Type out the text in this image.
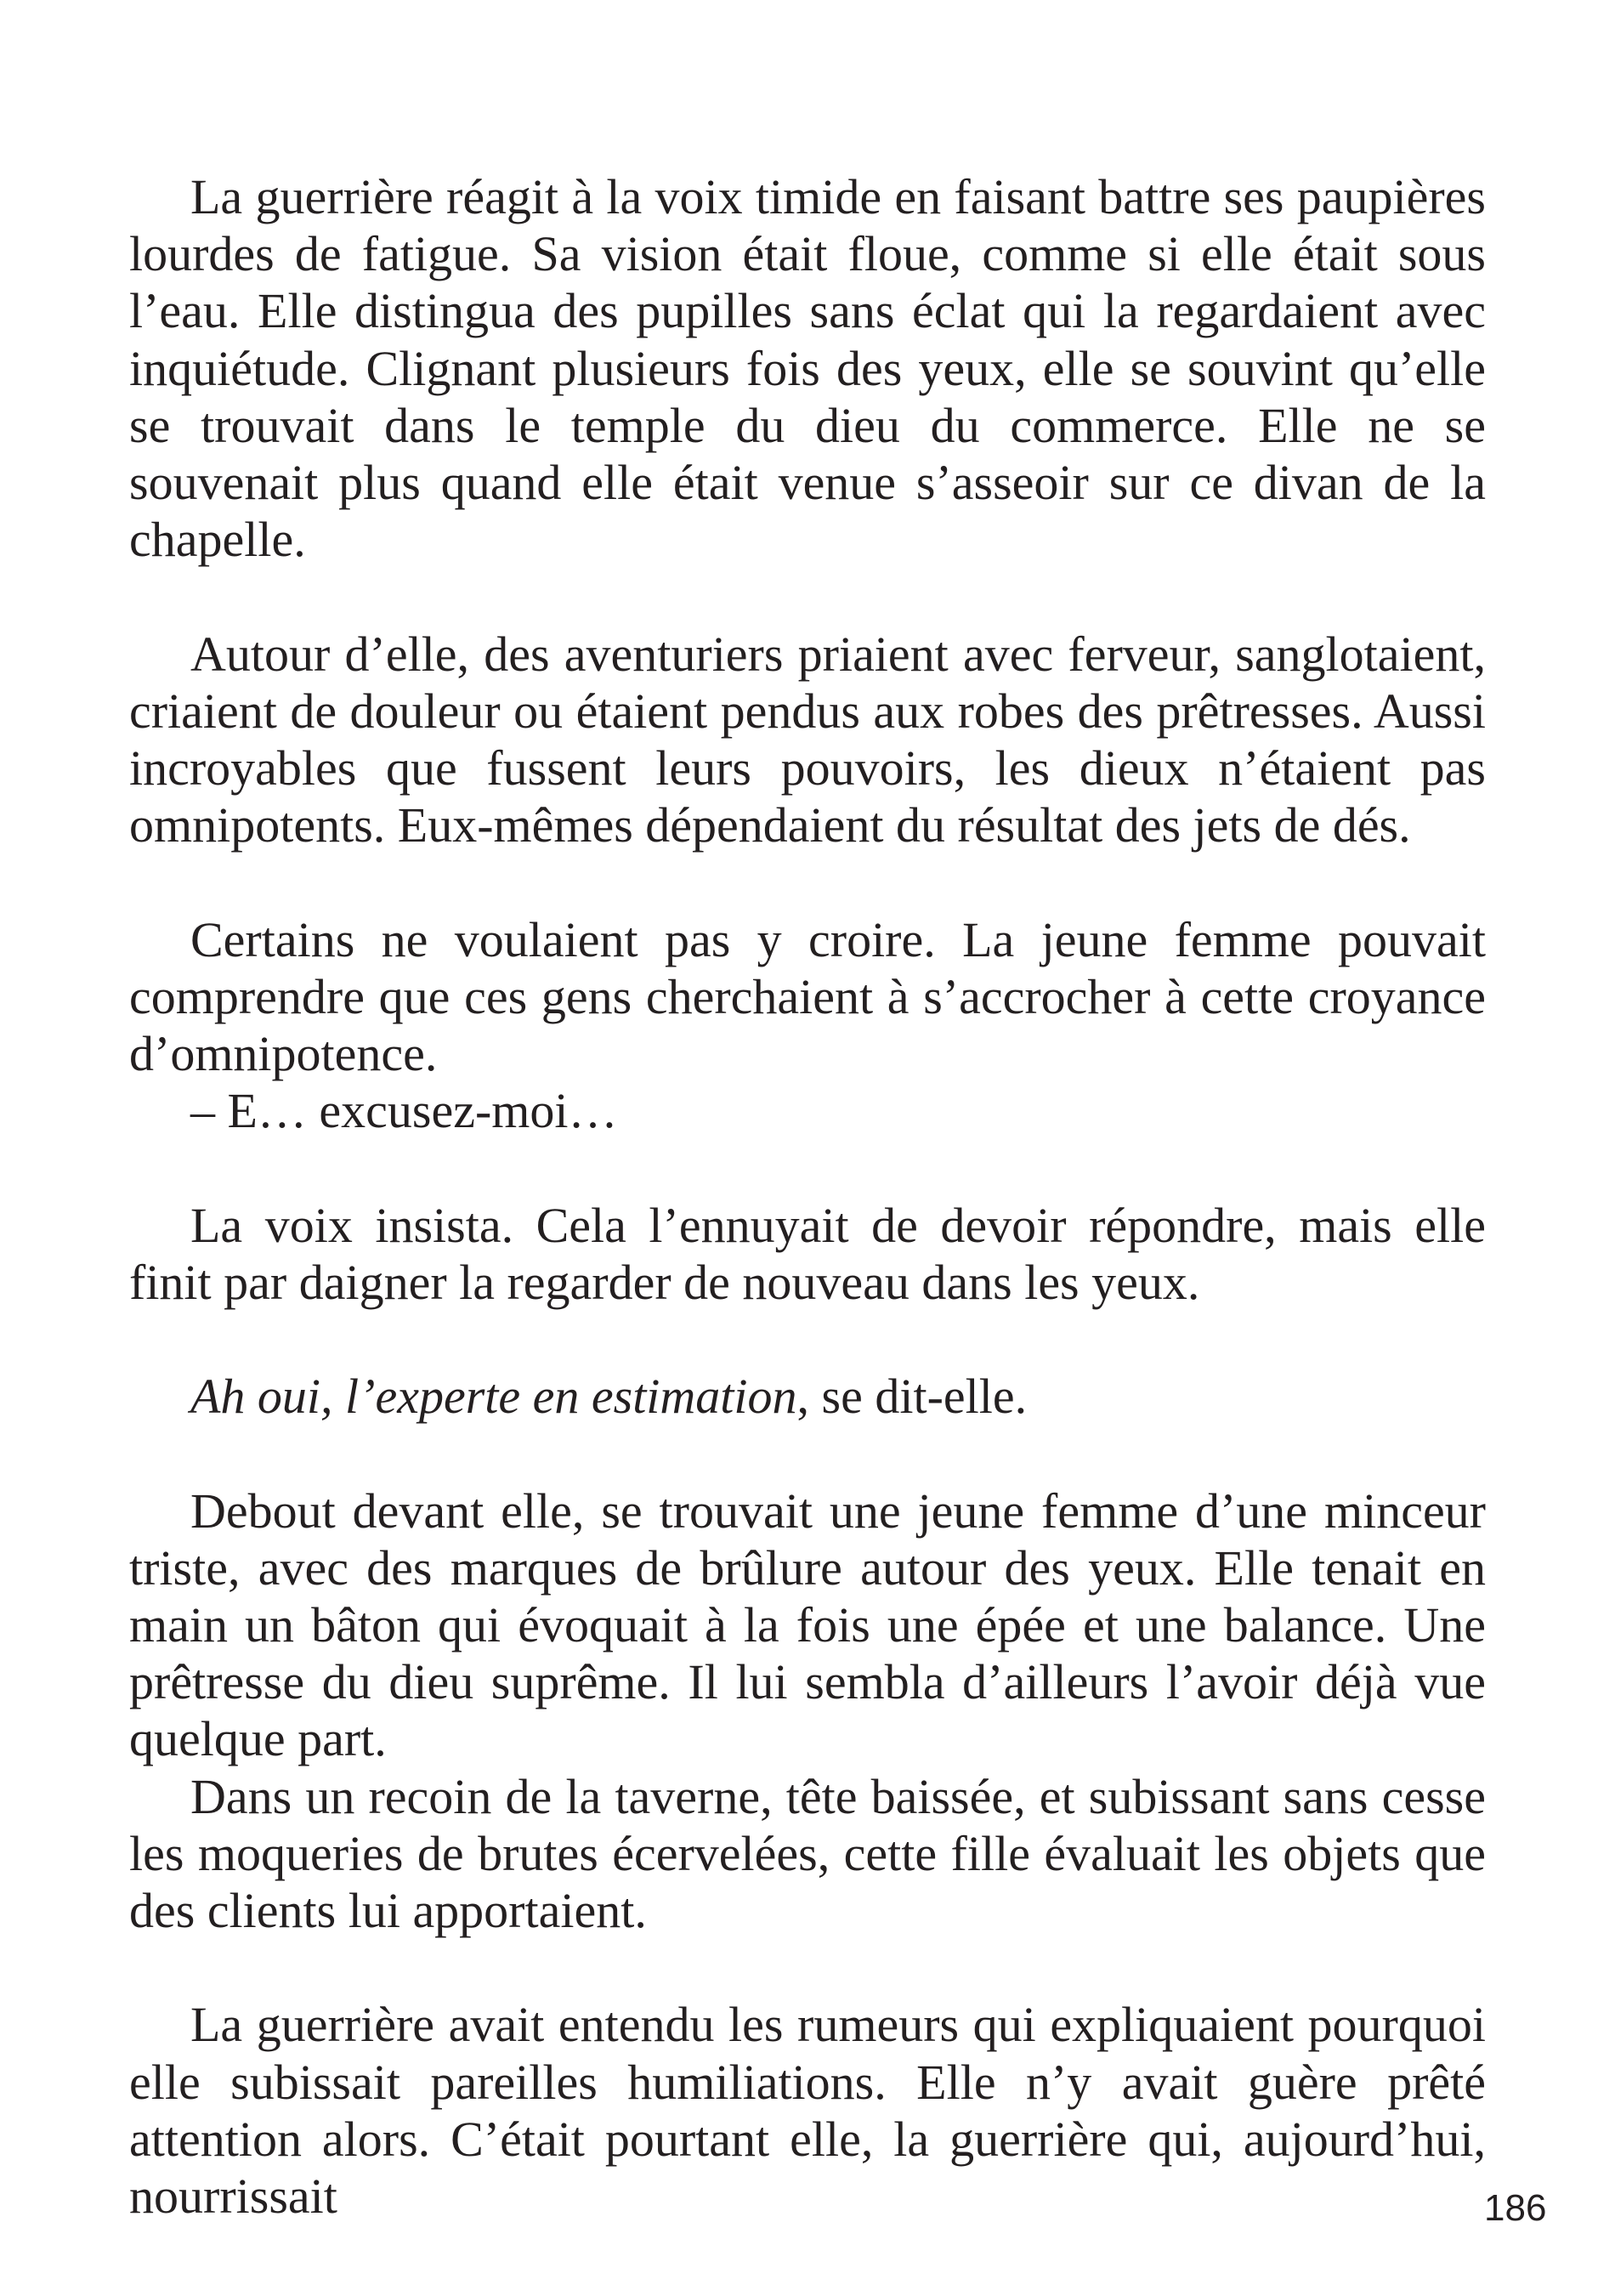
La guerrière réagit à la voix timide en faisant battre ses paupières lourdes de fatigue. Sa vision était floue, comme si elle était sous l’eau. Elle distingua des pupilles sans éclat qui la regardaient avec inquiétude. Clignant plusieurs fois des yeux, elle se souvint qu’elle se trouvait dans le temple du dieu du commerce. Elle ne se souvenait plus quand elle était venue s’asseoir sur ce divan de la chapelle.

Autour d’elle, des aventuriers priaient avec ferveur, sanglotaient, criaient de douleur ou étaient pendus aux robes des prêtresses. Aussi incroyables que fussent leurs pouvoirs, les dieux n’étaient pas omnipotents. Eux-mêmes dépendaient du résultat des jets de dés.

Certains ne voulaient pas y croire. La jeune femme pouvait comprendre que ces gens cherchaient à s’accrocher à cette croyance d’omnipotence.

– E… excusez-moi…

La voix insista. Cela l’ennuyait de devoir répondre, mais elle finit par daigner la regarder de nouveau dans les yeux.

Ah oui, l’experte en estimation, se dit-elle.

Debout devant elle, se trouvait une jeune femme d’une minceur triste, avec des marques de brûlure autour des yeux. Elle tenait en main un bâton qui évoquait à la fois une épée et une balance. Une prêtresse du dieu suprême. Il lui sembla d’ailleurs l’avoir déjà vue quelque part.

Dans un recoin de la taverne, tête baissée, et subissant sans cesse les moqueries de brutes écervelées, cette fille évaluait les objets que des clients lui apportaient.

La guerrière avait entendu les rumeurs qui expliquaient pourquoi elle subissait pareilles humiliations. Elle n’y avait guère prêté attention alors. C’était pourtant elle, la guerrière qui, aujourd’hui, nourrissait	186
